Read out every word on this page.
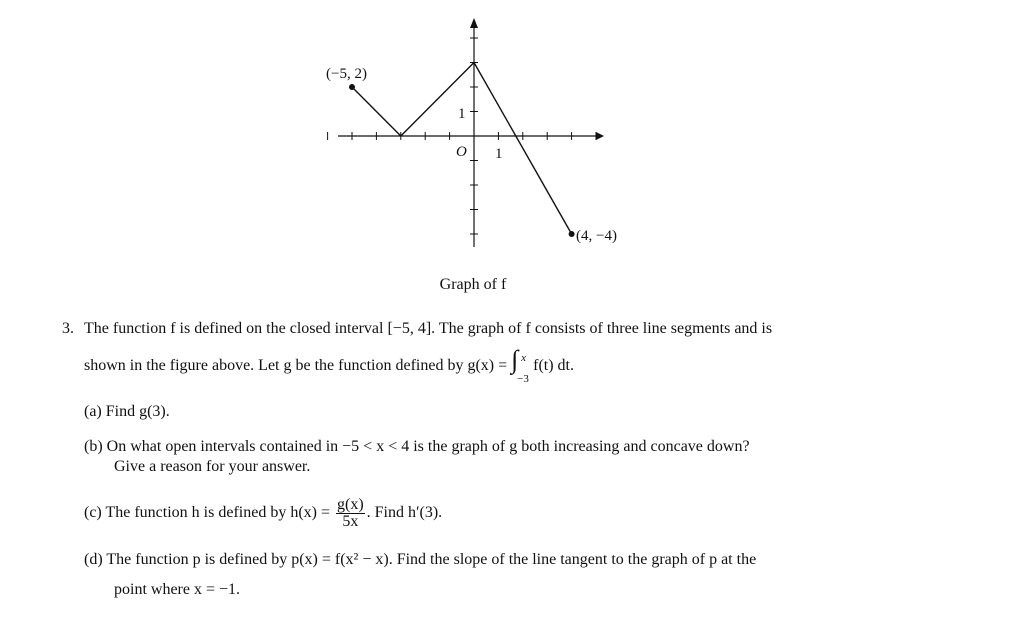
(−5, 2)
(4, −4)
1
1
O
Graph of f
3. The function f is defined on the closed interval [−5, 4]. The graph of f consists of three line segments and is
shown in the figure above. Let g be the function defined by g(x) = ∫ x
−3
f(t) dt.
(a) Find g(3).
(b) On what open intervals contained in −5 < x < 4 is the graph of g both increasing and concave down?
Give a reason for your answer.
(c) The function h is defined by $h(x) = \frac{g(x)}{5x}$ . Find h′(3).
(d) The function p is defined by p(x) = f(x² − x). Find the slope of the line tangent to the graph of p at the
point where x = −1.
